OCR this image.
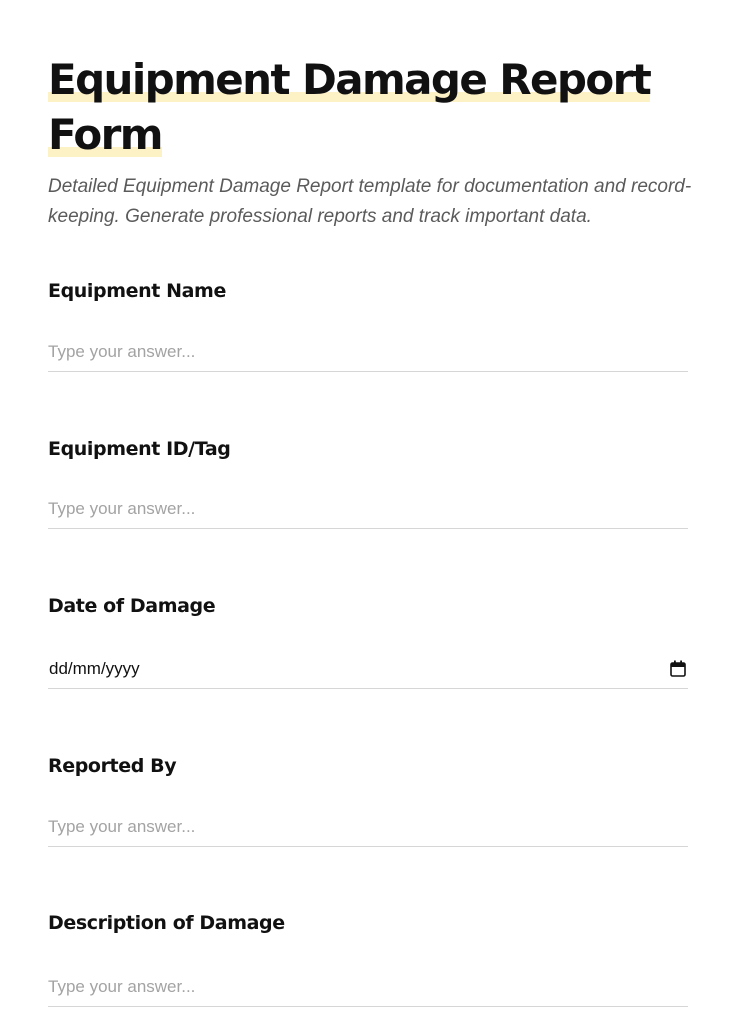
Equipment Damage Report
Form

Detailed Equipment Damage Report template for documentation and record-keeping. Generate professional reports and track important data.

Equipment Name
Type your answer...
Equipment ID/Tag
Type your answer...
Date of Damage
dd/mm/yyyy
Reported By
Type your answer...
Description of Damage
Type your answer...
